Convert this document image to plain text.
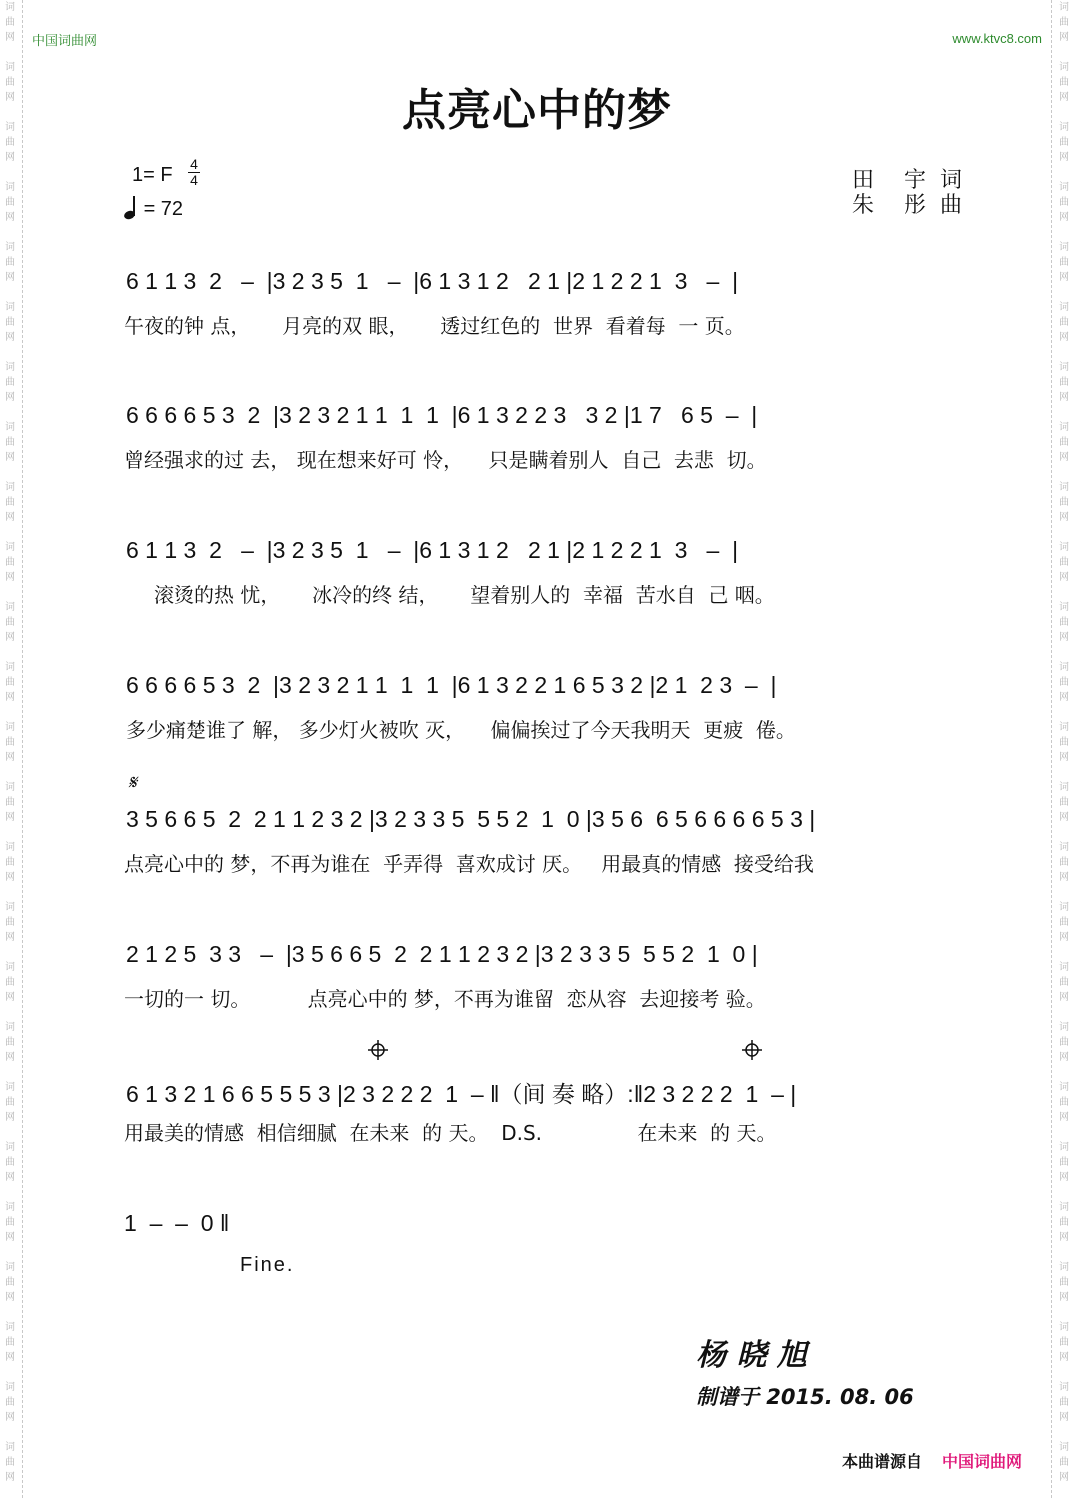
词
曲
网
词
曲
网
词
曲
网
词
曲
网
词
曲
网
词
曲
网
词
曲
网
词
曲
网
词
曲
网
词
曲
网
词
曲
网
词
曲
网
词
曲
网
词
曲
网
词
曲
网
词
曲
网
词
曲
网
词
曲
网
词
曲
网
词
曲
网
词
曲
网
词
曲
网
词
曲
网
词
曲
网
词
曲
网
词
曲
网
词
曲
网
词
曲
网
词
曲
网
词
曲
网
词
曲
网
词
曲
网
词
曲
网
词
曲
网
词
曲
网
词
曲
网
词
曲
网
词
曲
网
词
曲
网
词
曲
网
词
曲
网
词
曲
网
词
曲
网
词
曲
网
词
曲
网
词
曲
网
词
曲
网
词
曲
网
词
曲
网
词
曲
网
中国词曲网	www.ktvc8.com
点亮心中的梦
1= F 4
4
= 72
田 宇 词
朱 彤 曲
6 1 1 3  2   –  |3 2 3 5  1   –  |6 1 3 1 2   2 1 |2 1 2 2 1  3   –  |
午夜的钟 点，     月亮的双 眼，     透过红色的  世界  看着每  一 页。
6 6 6 6 5 3  2  |3 2 3 2 1 1  1  1  |6 1 3 2 2 3   3 2 |1 7   6 5  –  |
曾经强求的过 去， 现在想来好可 怜，    只是瞒着别人  自己  去悲  切。
6 1 1 3  2   –  |3 2 3 5  1   –  |6 1 3 1 2   2 1 |2 1 2 2 1  3   –  |
滚烫的热 忧，     冰冷的终 结，     望着别人的  幸福  苦水自  己 咽。
6 6 6 6 5 3  2  |3 2 3 2 1 1  1  1  |6 1 3 2 2 1 6 5 3 2 |2 1  2 3  –  |
多少痛楚谁了 解， 多少灯火被吹 灭，    偏偏挨过了今天我明天  更疲  倦。
3 5 6 6 5  2  2 1 1 2 3 2 |3 2 3 3 5  5 5 2  1  0 |3 5 6  6 5 6 6 6 6 5 3 |
点亮心中的 梦，不再为谁在  乎弄得  喜欢成讨 厌。   用最真的情感  接受给我
2 1 2 5  3 3   –  |3 5 6 6 5  2  2 1 1 2 3 2 |3 2 3 3 5  5 5 2  1  0 |
一切的一 切。         点亮心中的 梦，不再为谁留  恋从容  去迎接考 验。
6 1 3 2 1 6 6 5 5 5 3 |2 3 2 2 2  1  – ‖（间 奏 略）:‖2 3 2 2 2  1  – |
用最美的情感  相信细腻  在未来  的 天。  D.S.               在未来  的 天。
1  –  –  0 ‖
Fine.
𝄋
杨 晓 旭
制谱于 2015. 08. 06
本曲谱源自 中国词曲网
